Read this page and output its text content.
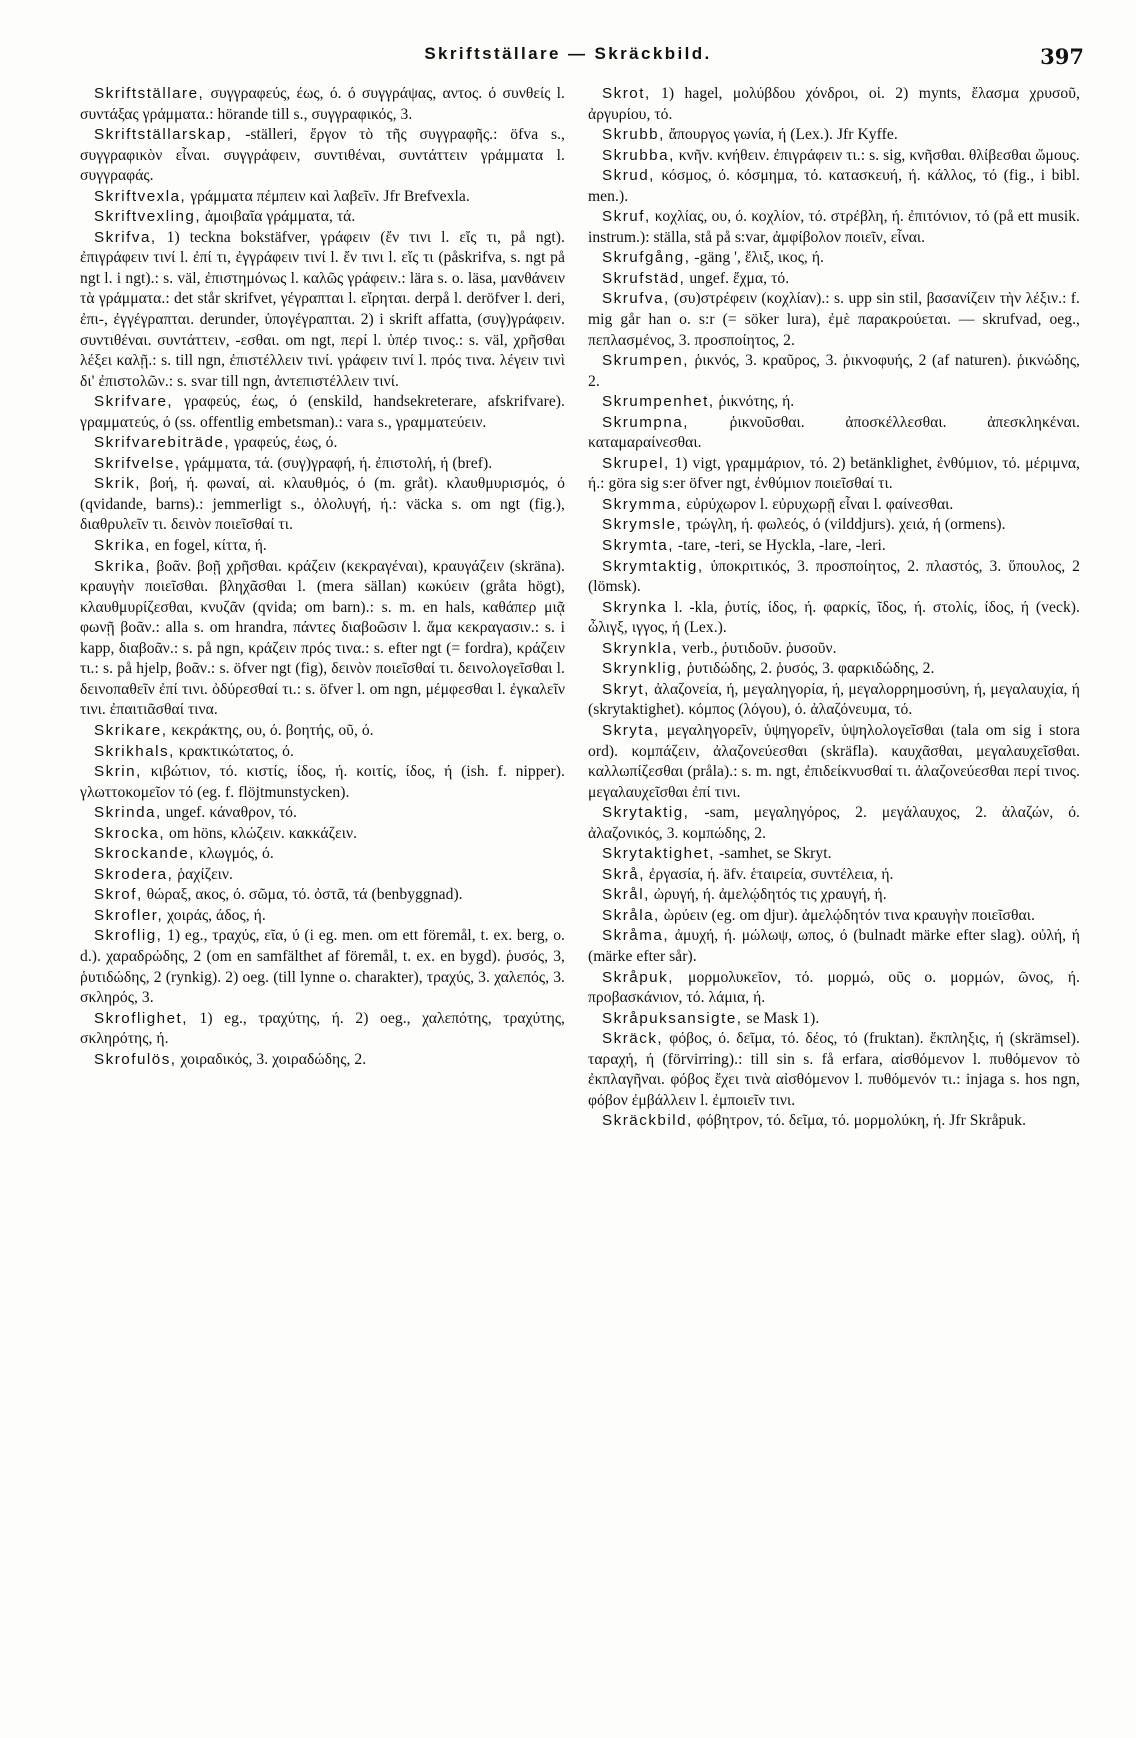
Skriftställare — Skräckbild.	397

Skriftställare, συγγραφεύς, έως, ό. ό συγγράψας, αντος. ό συνθείς l. συντάξας γράμματα.: hörande till s., συγγραφικός, 3.

Skriftställarskap, -ställeri, ἔργον τὸ τῆς συγγραφῆς.: öfva s., συγγραφικὸν εἶναι. συγγράφειν, συντιθέναι, συντάττειν γράμματα l. συγγραφάς.

Skriftvexla, γράμματα πέμπειν καὶ λαβεῖν. Jfr Brefvexla.

Skriftvexling, ἀμοιβαῖα γράμματα, τά.

Skrifva, 1) teckna bokstäfver, γράφειν (ἔν τινι l. εἴς τι, på ngt). ἐπιγράφειν τινί l. ἐπί τι, ἐγγράφειν τινί l. ἔν τινι l. εἴς τι (påskrifva, s. ngt på ngt l. i ngt).: s. väl, ἐπιστημόνως l. καλῶς γράφειν.: lära s. o. läsa, μανθάνειν τὰ γράμματα.: det står skrifvet, γέγραπται l. εἴρηται. derpå l. deröfver l. deri, ἐπι-, ἐγγέγραπται. derunder, ὑπογέγραπται. 2) i skrift affatta, (συγ)γράφειν. συντιθέναι. συντάττειν, -εσθαι. om ngt, περί l. ὑπέρ τινος.: s. väl, χρῆσθαι λέξει καλῇ.: s. till ngn, ἐπιστέλλειν τινί. γράφειν τινί l. πρός τινα. λέγειν τινὶ δι' ἐπιστολῶν.: s. svar till ngn, ἀντεπιστέλλειν τινί.

Skrifvare, γραφεύς, έως, ό (enskild, handsekreterare, afskrifvare). γραμματεύς, ό (ss. offentlig embetsman).: vara s., γραμματεύειν.

Skrifvarebiträde, γραφεύς, έως, ό.

Skrifvelse, γράμματα, τά. (συγ)γραφή, ή. ἐπιστολή, ή (bref).

Skrik, βοή, ή. φωναί, αἱ. κλαυθμός, ό (m. gråt). κλαυθμυρισμός, ό (qvidande, barns).: jemmerligt s., ὀλολυγή, ή.: väcka s. om ngt (fig.), διαθρυλεῖν τι. δεινὸν ποιεῖσθαί τι.

Skrika, en fogel, κίττα, ή.

Skrika, βοᾶν. βοῇ χρῆσθαι. κράζειν (κεκραγέναι), κραυγάζειν (skräna). κραυγὴν ποιεῖσθαι. βληχᾶσθαι l. (mera sällan) κωκύειν (gråta högt), κλαυθμυρίζεσθαι, κνυζᾶν (qvida; om barn).: s. m. en hals, καθάπερ μιᾷ φωνῇ βοᾶν.: alla s. om hrandra, πάντες διαβοῶσιν l. ἅμα κεκραγασιν.: s. i kapp, διαβοᾶν.: s. på ngn, κράζειν πρός τινα.: s. efter ngt (= fordra), κράζειν τι.: s. på hjelp, βοᾶν.: s. öfver ngt (fig), δεινὸν ποιεῖσθαί τι. δεινολογεῖσθαι l. δεινοπαθεῖν ἐπί τινι. ὀδύρεσθαί τι.: s. öfver l. om ngn, μέμφεσθαι l. ἐγκαλεῖν τινι. ἐπαιτιᾶσθαί τινα.

Skrikare, κεκράκτης, ου, ό. βοητής, οῦ, ό.

Skrikhals, κρακτικώτατος, ό.

Skrin, κιβώτιον, τό. κιστίς, ίδος, ή. κοιτίς, ίδος, ή (ish. f. nipper). γλωττοκομεῖον τό (eg. f. flöjtmunstycken).

Skrinda, ungef. κάναθρον, τό.

Skrocka, om höns, κλώζειν. κακκάζειν.

Skrockande, κλωγμός, ό.

Skrodera, ῥαχίζειν.

Skrof, θώραξ, ακος, ό. σῶμα, τό. ὀστᾶ, τά (benbyggnad).

Skrofler, χοιράς, άδος, ή.

Skroflig, 1) eg., τραχύς, εῖα, ύ (i eg. men. om ett föremål, t. ex. berg, o. d.). χαραδρώδης, 2 (om en samfälthet af föremål, t. ex. en bygd). ῥυσός, 3, ῥυτιδώδης, 2 (rynkig). 2) oeg. (till lynne o. charakter), τραχύς, 3. χαλεπός, 3. σκληρός, 3.

Skroflighet, 1) eg., τραχύτης, ή. 2) oeg., χαλεπότης, τραχύτης, σκληρότης, ή.

Skrofulös, χοιραδικός, 3. χοιραδώδης, 2.

Skrot, 1) hagel, μολύβδου χόνδροι, οἱ. 2) mynts, ἔλασμα χρυσοῦ, ἀργυρίου, τό.

Skrubb, ἄπουργος γωνία, ή (Lex.). Jfr Kyffe.

Skrubba, κνῆν. κνήθειν. ἐπιγράφειν τι.: s. sig, κνῆσθαι. θλίβεσθαι ὤμους.

Skrud, κόσμος, ό. κόσμημα, τό. κατασκευή, ή. κάλλος, τό (fig., i bibl. men.).

Skruf, κοχλίας, ου, ό. κοχλίον, τό. στρέβλη, ή. ἐπιτόνιον, τό (på ett musik. instrum.): ställa, stå på s:var, ἀμφίβολον ποιεῖν, εἶναι.

Skrufgång, -gäng ', ἕλιξ, ικος, ή.

Skrufstäd, ungef. ἔχμα, τό.

Skrufva, (συ)στρέφειν (κοχλίαν).: s. upp sin stil, βασανίζειν τὴν λέξιν.: f. mig går han o. s:r (= söker lura), ἐμὲ παρακρούεται. — skrufvad, oeg., πεπλασμένος, 3. προσποίητος, 2.

Skrumpen, ῥικνός, 3. κραῦρος, 3. ῥικνοφυής, 2 (af naturen). ῥικνώδης, 2.

Skrumpenhet, ῥικνότης, ή.

Skrumpna, ῥικνοῦσθαι. ἀποσκέλλεσθαι. ἀπεσκληκέναι. καταμαραίνεσθαι.

Skrupel, 1) vigt, γραμμάριον, τό. 2) betänklighet, ἐνθύμιον, τό. μέριμνα, ή.: göra sig s:er öfver ngt, ἐνθύμιον ποιεῖσθαί τι.

Skrymma, εὐρύχωρον l. εὐρυχωρῇ εἶναι l. φαίνεσθαι.

Skrymsle, τρώγλη, ή. φωλεός, ό (vilddjurs). χειά, ή (ormens).

Skrymta, -tare, -teri, se Hyckla, -lare, -leri.

Skrymtaktig, ὑποκριτικός, 3. προσποίητος, 2. πλαστός, 3. ὕπουλος, 2 (lömsk).

Skrynka l. -kla, ῥυτίς, ίδος, ή. φαρκίς, ῖδος, ή. στολίς, ίδος, ή (veck). ὦλιγξ, ιγγος, ή (Lex.).

Skrynkla, verb., ῥυτιδοῦν. ῥυσοῦν.

Skrynklig, ῥυτιδώδης, 2. ῥυσός, 3. φαρκιδώδης, 2.

Skryt, ἀλαζονεία, ή, μεγαληγορία, ή, μεγαλορρημοσύνη, ή, μεγαλαυχία, ή (skrytaktighet). κόμπος (λόγου), ό. ἀλαζόνευμα, τό.

Skryta, μεγαληγορεῖν, ὑψηγορεῖν, ὑψηλολογεῖσθαι (tala om sig i stora ord). κομπάζειν, ἀλαζονεύεσθαι (skräfla). καυχᾶσθαι, μεγαλαυχεῖσθαι. καλλωπίζεσθαι (pråla).: s. m. ngt, ἐπιδείκνυσθαί τι. ἀλαζονεύεσθαι περί τινος. μεγαλαυχεῖσθαι ἐπί τινι.

Skrytaktig, -sam, μεγαληγόρος, 2. μεγάλαυχος, 2. ἀλαζών, ό. ἀλαζονικός, 3. κομπώδης, 2.

Skrytaktighet, -samhet, se Skryt.

Skrå, ἐργασία, ή. äfv. ἑταιρεία, συντέλεια, ή.

Skrål, ὠρυγή, ή. ἀμελῴδητός τις χραυγή, ή.

Skråla, ὠρύειν (eg. om djur). ἀμελῴδητόν τινα κραυγὴν ποιεῖσθαι.

Skråma, ἀμυχή, ή. μώλωψ, ωπος, ό (bulnadt märke efter slag). οὐλή, ή (märke efter sår).

Skråpuk, μορμολυκεῖον, τό. μορμώ, οῦς ο. μορμών, ῶνος, ή. προβασκάνιον, τό. λάμια, ή.

Skråpuksansigte, se Mask 1).

Skräck, φόβος, ό. δεῖμα, τό. δέος, τό (fruktan). ἔκπληξις, ή (skrämsel). ταραχή, ή (förvirring).: till sin s. få erfara, αἰσθόμενον l. πυθόμενον τὸ ἐκπλαγῆναι. φόβος ἔχει τινὰ αἰσθόμενον l. πυθόμενόν τι.: injaga s. hos ngn, φόβον ἐμβάλλειν l. ἐμποιεῖν τινι.

Skräckbild, φόβητρον, τό. δεῖμα, τό. μορμολύκη, ή. Jfr Skråpuk.
